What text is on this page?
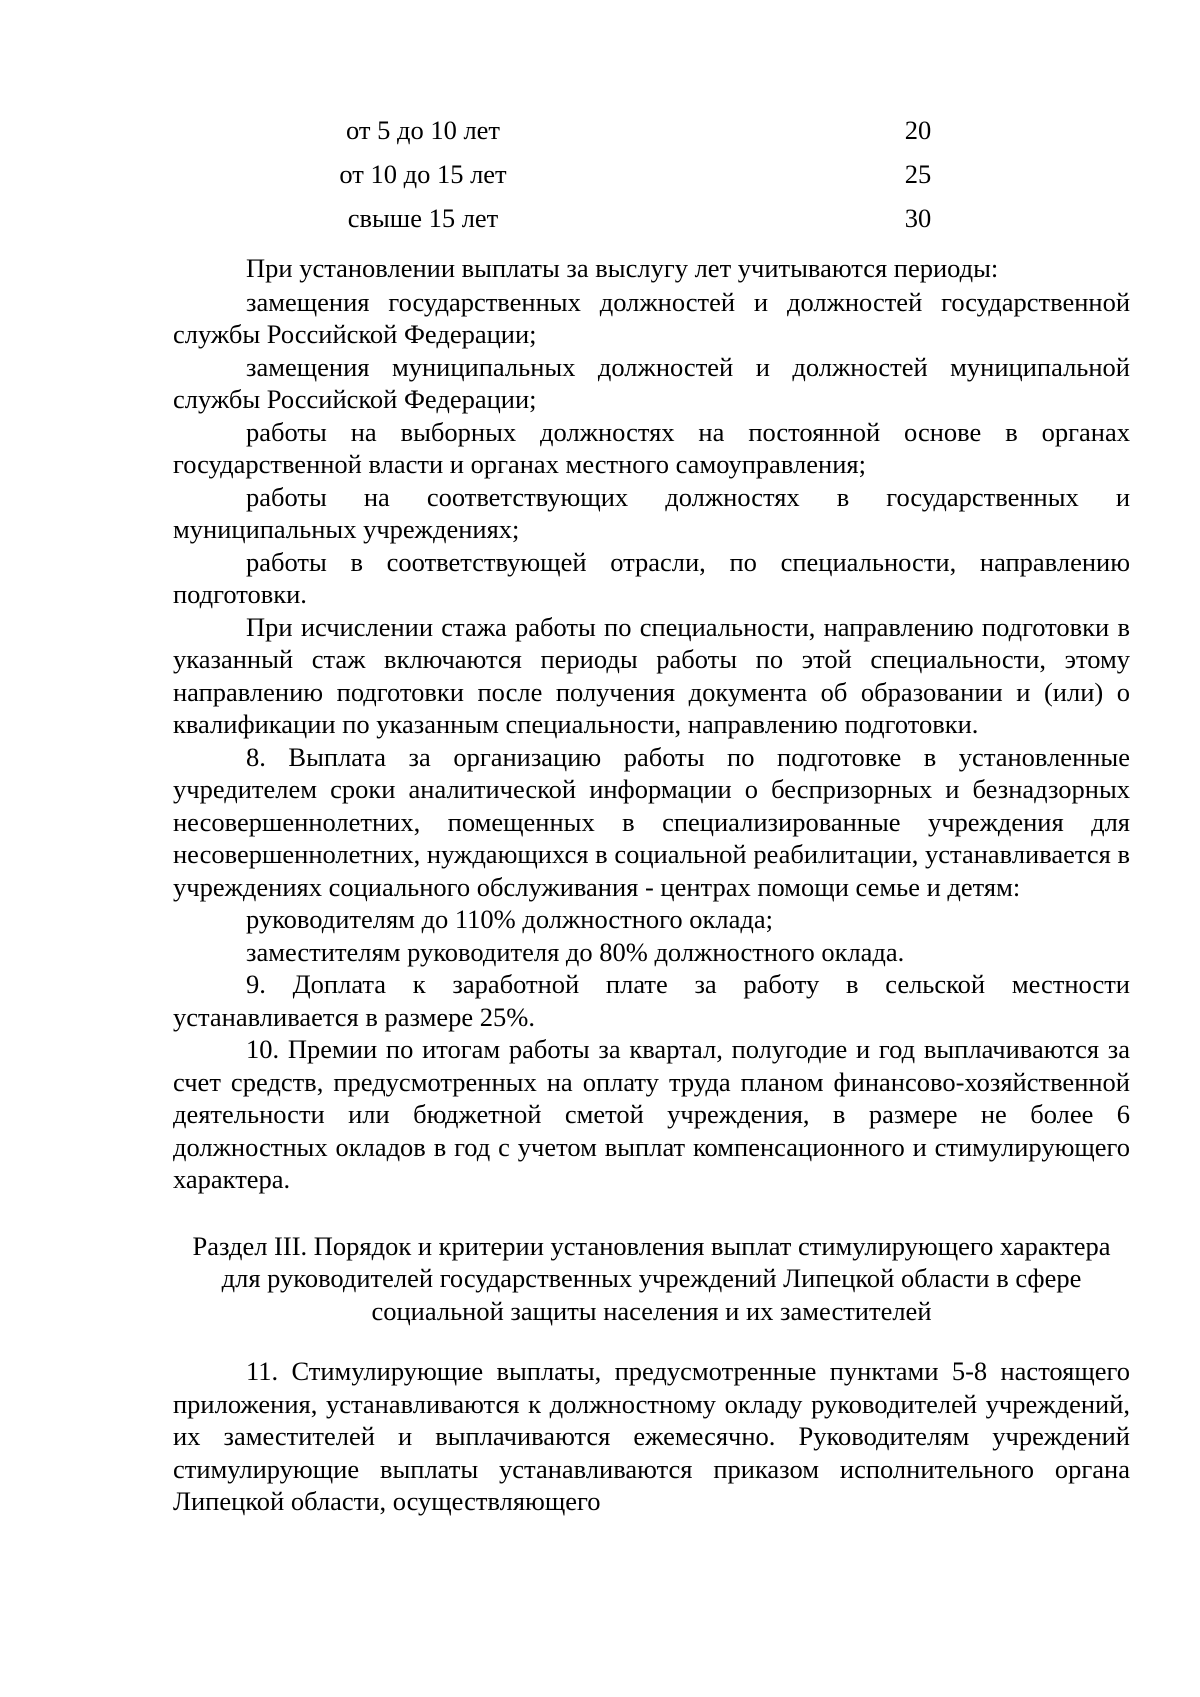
от 5 до 10 лет	20
от 10 до 15 лет	25
свыше 15 лет	30

При установлении выплаты за выслугу лет учитываются периоды:

замещения государственных должностей и должностей государственной службы Российской Федерации;

замещения муниципальных должностей и должностей муниципальной службы Российской Федерации;

работы на выборных должностях на постоянной основе в органах государственной власти и органах местного самоуправления;

работы на соответствующих должностях в государственных и муниципальных учреждениях;

работы в соответствующей отрасли, по специальности, направлению подготовки.

При исчислении стажа работы по специальности, направлению подготовки в указанный стаж включаются периоды работы по этой специальности, этому направлению подготовки после получения документа об образовании и (или) о квалификации по указанным специальности, направлению подготовки.

8. Выплата за организацию работы по подготовке в установленные учредителем сроки аналитической информации о беспризорных и безнадзорных несовершеннолетних, помещенных в специализированные учреждения для несовершеннолетних, нуждающихся в социальной реабилитации, устанавливается в учреждениях социального обслуживания - центрах помощи семье и детям:

руководителям до 110% должностного оклада;

заместителям руководителя до 80% должностного оклада.

9. Доплата к заработной плате за работу в сельской местности устанавливается в размере 25%.

10. Премии по итогам работы за квартал, полугодие и год выплачиваются за счет средств, предусмотренных на оплату труда планом финансово-хозяйственной деятельности или бюджетной сметой учреждения, в размере не более 6 должностных окладов в год с учетом выплат компенсационного и стимулирующего характера.

Раздел III. Порядок и критерии установления выплат стимулирующего характера для руководителей государственных учреждений Липецкой области в сфере социальной защиты населения и их заместителей

11. Стимулирующие выплаты, предусмотренные пунктами 5-8 настоящего приложения, устанавливаются к должностному окладу руководителей учреждений, их заместителей и выплачиваются ежемесячно. Руководителям учреждений стимулирующие выплаты устанавливаются приказом исполнительного органа Липецкой области, осуществляющего
